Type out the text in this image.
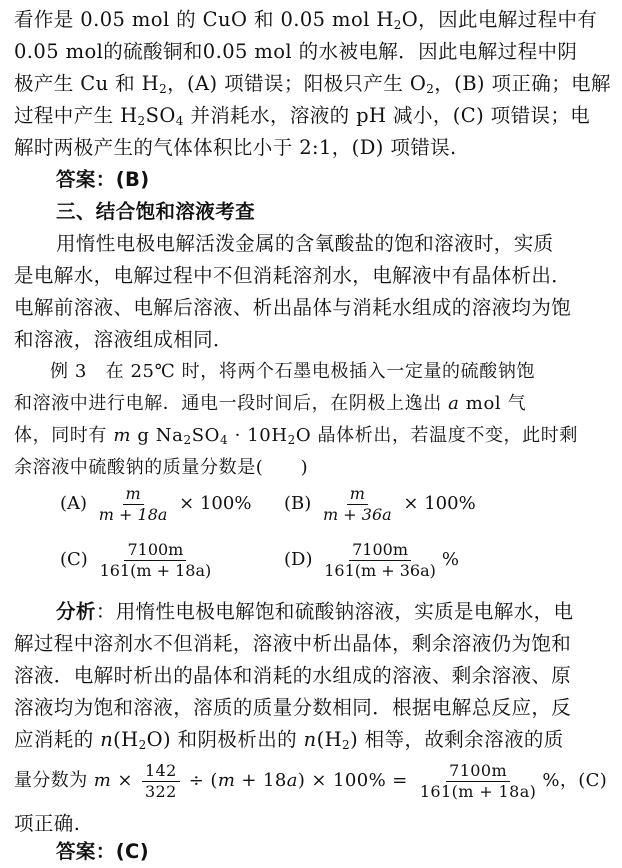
看作是 0.05 mol 的 CuO 和 0.05 mol $H_2O$，因此电解过程中有
0.05 mol的硫酸铜和0.05 mol 的水被电解．因此电解过程中阴
极产生 Cu 和 $H_2$，(A) 项错误；阳极只产生 $O_2$，(B) 项正确；电解
过程中产生 $H_2SO_4$ 并消耗水，溶液的 pH 减小，(C) 项错误；电
解时两极产生的气体体积比小于 2:1，(D) 项错误.
答案：(B)
三、结合饱和溶液考查
用惰性电极电解活泼金属的含氧酸盐的饱和溶液时，实质
是电解水，电解过程中不但消耗溶剂水，电解液中有晶体析出．
电解前溶液、电解后溶液、析出晶体与消耗水组成的溶液均为饱
和溶液，溶液组成相同．
例 3　在 25℃ 时，将两个石墨电极插入一定量的硫酸钠饱
和溶液中进行电解．通电一段时间后，在阴极上逸出 a mol 气
体，同时有 m g $Na_2SO_4 \cdot 10H_2O$ 晶体析出，若温度不变，此时剩
余溶液中硫酸钠的质量分数是(　　)
$(A) \frac{m}{m + 18a} \times 100\%$ $(B) \frac{m}{m + 36a} \times 100\%$
$(C) \frac{7100m}{161(m + 18a)}$	$(D) \frac{7100m}{161(m + 36a)}$ %
分析：用惰性电极电解饱和硫酸钠溶液，实质是电解水，电
解过程中溶剂水不但消耗，溶液中析出晶体，剩余溶液仍为饱和
溶液．电解时析出的晶体和消耗的水组成的溶液、剩余溶液、原
溶液均为饱和溶液，溶质的质量分数相同．根据电解总反应，反
应消耗的 $n(H_2O)$ 和阴极析出的 $n(H_2)$ 相等，故剩余溶液的质
量分数为 $m \times \frac{142}{322} \div (m + 18a) \times 100\% = \frac{7100m}{161(m + 18a)}$ %，(C)
项正确.
答案：(C)
